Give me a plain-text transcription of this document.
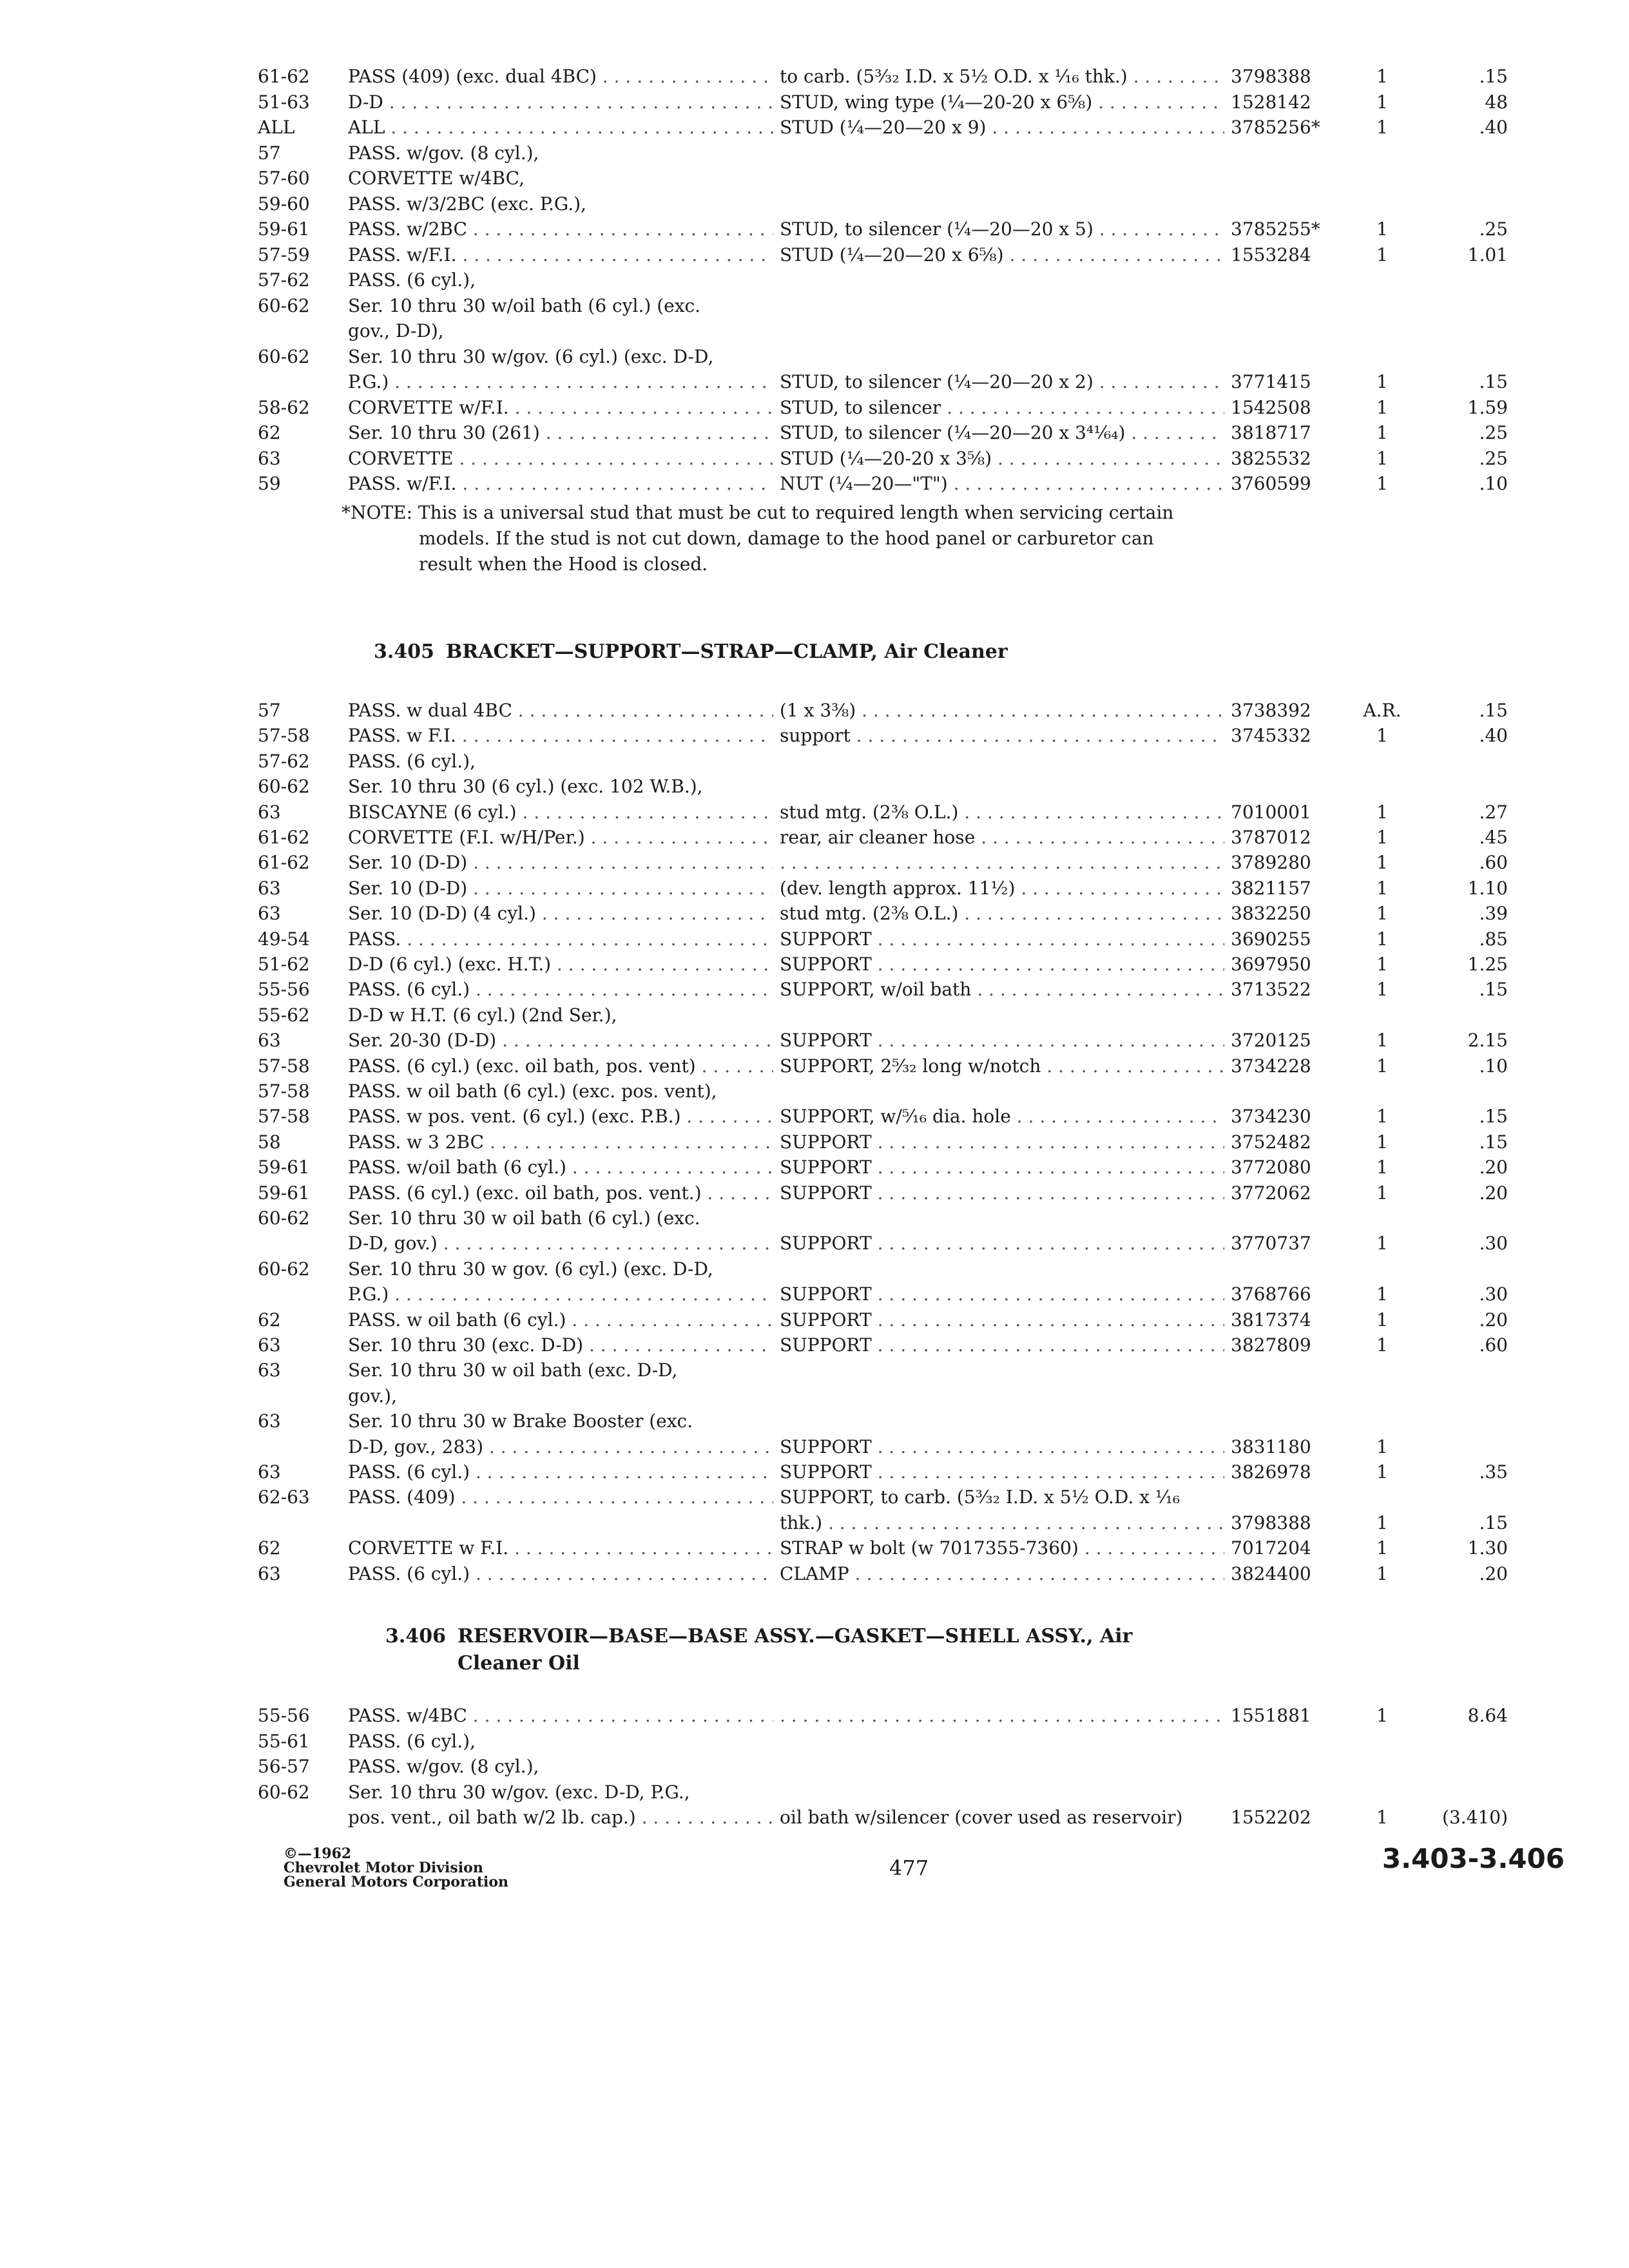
61-62	PASS (409) (exc. dual 4BC) . . .	to carb. (5³⁄₃₂ I.D. x 5½ O.D. x ¹⁄₁₆ thk.) . . .	3798388	1	.15
51-63	D-D . . .	STUD, wing type (¼—20-20 x 6⅝) . . .	1528142	1	48
ALL	ALL . . .	STUD (¼—20—20 x 9) . . .	3785256*	1	.40
57	PASS. w/gov. (8 cyl.),
57-60	CORVETTE w/4BC,
59-60	PASS. w/3/2BC (exc. P.G.),
59-61	PASS. w/2BC . . .	STUD, to silencer (¼—20—20 x 5) . . .	3785255*	1	.25
57-59	PASS. w/F.I. . . .	STUD (¼—20—20 x 6⅝) . . .	1553284	1	1.01
57-62	PASS. (6 cyl.),
60-62	Ser. 10 thru 30 w/oil bath (6 cyl.) (exc.
gov., D-D),
60-62	Ser. 10 thru 30 w/gov. (6 cyl.) (exc. D-D,
P.G.) . . .	STUD, to silencer (¼—20—20 x 2) . . .	3771415	1	.15
58-62	CORVETTE w/F.I. . . .	STUD, to silencer . . .	1542508	1	1.59
62	Ser. 10 thru 30 (261) . . .	STUD, to silencer (¼—20—20 x 3⁴¹⁄₆₄) . . .	3818717	1	.25
63	CORVETTE . . .	STUD (¼—20-20 x 3⅝) . . .	3825532	1	.25
59	PASS. w/F.I. . . .	NUT (¼—20—"T") . . .	3760599	1	.10
*NOTE: This is a universal stud that must be cut to required length when servicing certain
models. If the stud is not cut down, damage to the hood panel or carburetor can
result when the Hood is closed.
3.405 BRACKET—SUPPORT—STRAP—CLAMP, Air Cleaner
57	PASS. w dual 4BC . . .	(1 x 3⅜) . . .	3738392	A.R.	.15
57-58	PASS. w F.I. . . .	support . . .	3745332	1	.40
57-62	PASS. (6 cyl.),
60-62	Ser. 10 thru 30 (6 cyl.) (exc. 102 W.B.),
63	BISCAYNE (6 cyl.) . . .	stud mtg. (2⅜ O.L.) . . .	7010001	1	.27
61-62	CORVETTE (F.I. w/H/Per.) . . .	rear, air cleaner hose . . .	3787012	1	.45
61-62	Ser. 10 (D-D) . . . . . .	3789280	1	.60
63	Ser. 10 (D-D) . . .	(dev. length approx. 11½) . . .	3821157	1	1.10
63	Ser. 10 (D-D) (4 cyl.) . . .	stud mtg. (2⅜ O.L.) . . .	3832250	1	.39
49-54	PASS. . . .	SUPPORT . . .	3690255	1	.85
51-62	D-D (6 cyl.) (exc. H.T.) . . .	SUPPORT . . .	3697950	1	1.25
55-56	PASS. (6 cyl.) . . .	SUPPORT, w/oil bath . . .	3713522	1	.15
55-62	D-D w H.T. (6 cyl.) (2nd Ser.),
63	Ser. 20-30 (D-D) . . .	SUPPORT . . .	3720125	1	2.15
57-58	PASS. (6 cyl.) (exc. oil bath, pos. vent) . . .	SUPPORT, 2⁵⁄₃₂ long w/notch . . .	3734228	1	.10
57-58	PASS. w oil bath (6 cyl.) (exc. pos. vent),
57-58	PASS. w pos. vent. (6 cyl.) (exc. P.B.) . . .	SUPPORT, w/⁵⁄₁₆ dia. hole . . .	3734230	1	.15
58	PASS. w 3 2BC . . .	SUPPORT . . .	3752482	1	.15
59-61	PASS. w/oil bath (6 cyl.) . . .	SUPPORT . . .	3772080	1	.20
59-61	PASS. (6 cyl.) (exc. oil bath, pos. vent.) . . .	SUPPORT . . .	3772062	1	.20
60-62	Ser. 10 thru 30 w oil bath (6 cyl.) (exc.
D-D, gov.) . . .	SUPPORT . . .	3770737	1	.30
60-62	Ser. 10 thru 30 w gov. (6 cyl.) (exc. D-D,
P.G.) . . .	SUPPORT . . .	3768766	1	.30
62	PASS. w oil bath (6 cyl.) . . .	SUPPORT . . .	3817374	1	.20
63	Ser. 10 thru 30 (exc. D-D) . . .	SUPPORT . . .	3827809	1	.60
63	Ser. 10 thru 30 w oil bath (exc. D-D,
gov.),
63	Ser. 10 thru 30 w Brake Booster (exc.
D-D, gov., 283) . . .	SUPPORT . . .	3831180	1
63	PASS. (6 cyl.) . . .	SUPPORT . . .	3826978	1	.35
62-63	PASS. (409) . . .	SUPPORT, to carb. (5³⁄₃₂ I.D. x 5½ O.D. x ¹⁄₁₆
thk.) . . .	3798388	1	.15
62	CORVETTE w F.I. . . .	STRAP w bolt (w 7017355-7360) . . .	7017204	1	1.30
63	PASS. (6 cyl.) . . .	CLAMP . . .	3824400	1	.20
3.406 RESERVOIR—BASE—BASE ASSY.—GASKET—SHELL ASSY., Air
Cleaner Oil
55-56	PASS. w/4BC . . . . . .	1551881	1	8.64
55-61	PASS. (6 cyl.),
56-57	PASS. w/gov. (8 cyl.),
60-62	Ser. 10 thru 30 w/gov. (exc. D-D, P.G.,
pos. vent., oil bath w/2 lb. cap.) . . .	oil bath w/silencer (cover used as reservoir)	1552202	1	(3.410)
©—1962
Chevrolet Motor Division
General Motors Corporation
477	3.403-3.406
